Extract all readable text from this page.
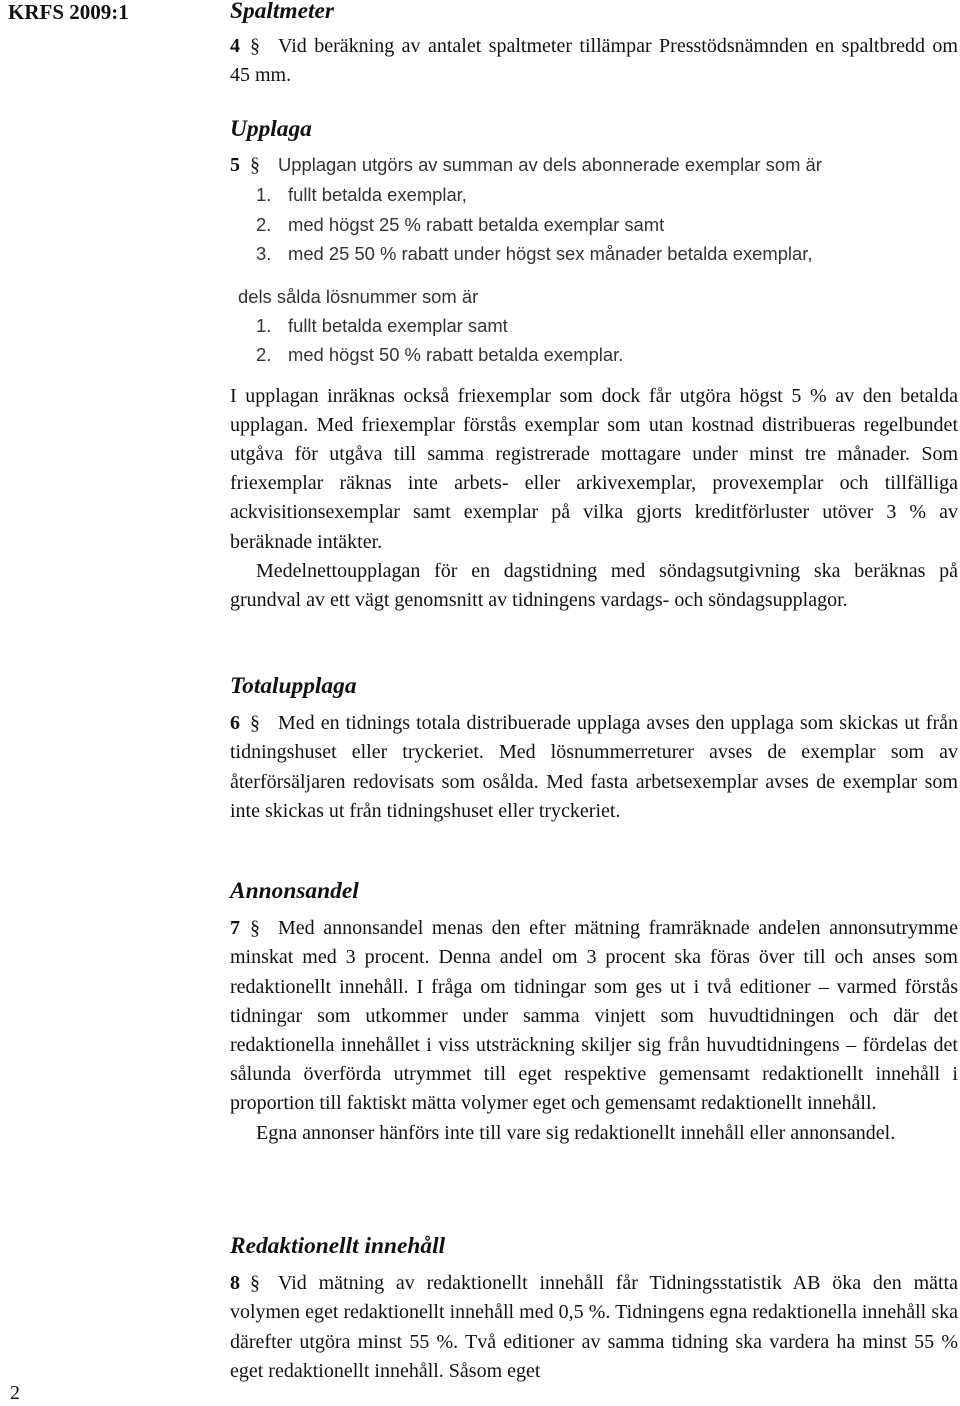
KRFS 2009:1
2
Spaltmeter

4 § Vid beräkning av antalet spaltmeter tillämpar Presstödsnämnden en spaltbredd om 45 mm.

Upplaga

5 § Upplagan utgörs av summan av dels abonnerade exemplar som är

1. fullt betalda exemplar,
2. med högst 25 % rabatt betalda exemplar samt
3. med 25 50 % rabatt under högst sex månader betalda exemplar,
dels sålda lösnummer som är
1. fullt betalda exemplar samt
2. med högst 50 % rabatt betalda exemplar.

I upplagan inräknas också friexemplar som dock får utgöra högst 5 % av den betalda upplagan. Med friexemplar förstås exemplar som utan kostnad distribueras regelbundet utgåva för utgåva till samma registrerade mottagare under minst tre månader. Som friexemplar räknas inte arbets- eller arkivexemplar, provexemplar och tillfälliga ackvisitionsexemplar samt exemplar på vilka gjorts kreditförluster utöver 3 % av beräknade intäkter.

Medelnettoupplagan för en dagstidning med söndagsutgivning ska beräknas på grundval av ett vägt genomsnitt av tidningens vardags- och söndagsupplagor.

Totalupplaga

6 § Med en tidnings totala distribuerade upplaga avses den upplaga som skickas ut från tidningshuset eller tryckeriet. Med lösnummerreturer avses de exemplar som av återförsäljaren redovisats som osålda. Med fasta arbetsexemplar avses de exemplar som inte skickas ut från tidningshuset eller tryckeriet.

Annonsandel

7 § Med annonsandel menas den efter mätning framräknade andelen annonsutrymme minskat med 3 procent. Denna andel om 3 procent ska föras över till och anses som redaktionellt innehåll. I fråga om tidningar som ges ut i två editioner – varmed förstås tidningar som utkommer under samma vinjett som huvudtidningen och där det redaktionella innehållet i viss utsträckning skiljer sig från huvudtidningens – fördelas det sålunda överförda utrymmet till eget respektive gemensamt redaktionellt innehåll i proportion till faktiskt mätta volymer eget och gemensamt redaktionellt innehåll.

Egna annonser hänförs inte till vare sig redaktionellt innehåll eller annonsandel.

Redaktionellt innehåll

8 § Vid mätning av redaktionellt innehåll får Tidningsstatistik AB öka den mätta volymen eget redaktionellt innehåll med 0,5 %. Tidningens egna redaktionella innehåll ska därefter utgöra minst 55 %. Två editioner av samma tidning ska vardera ha minst 55 % eget redaktionellt innehåll. Såsom eget
